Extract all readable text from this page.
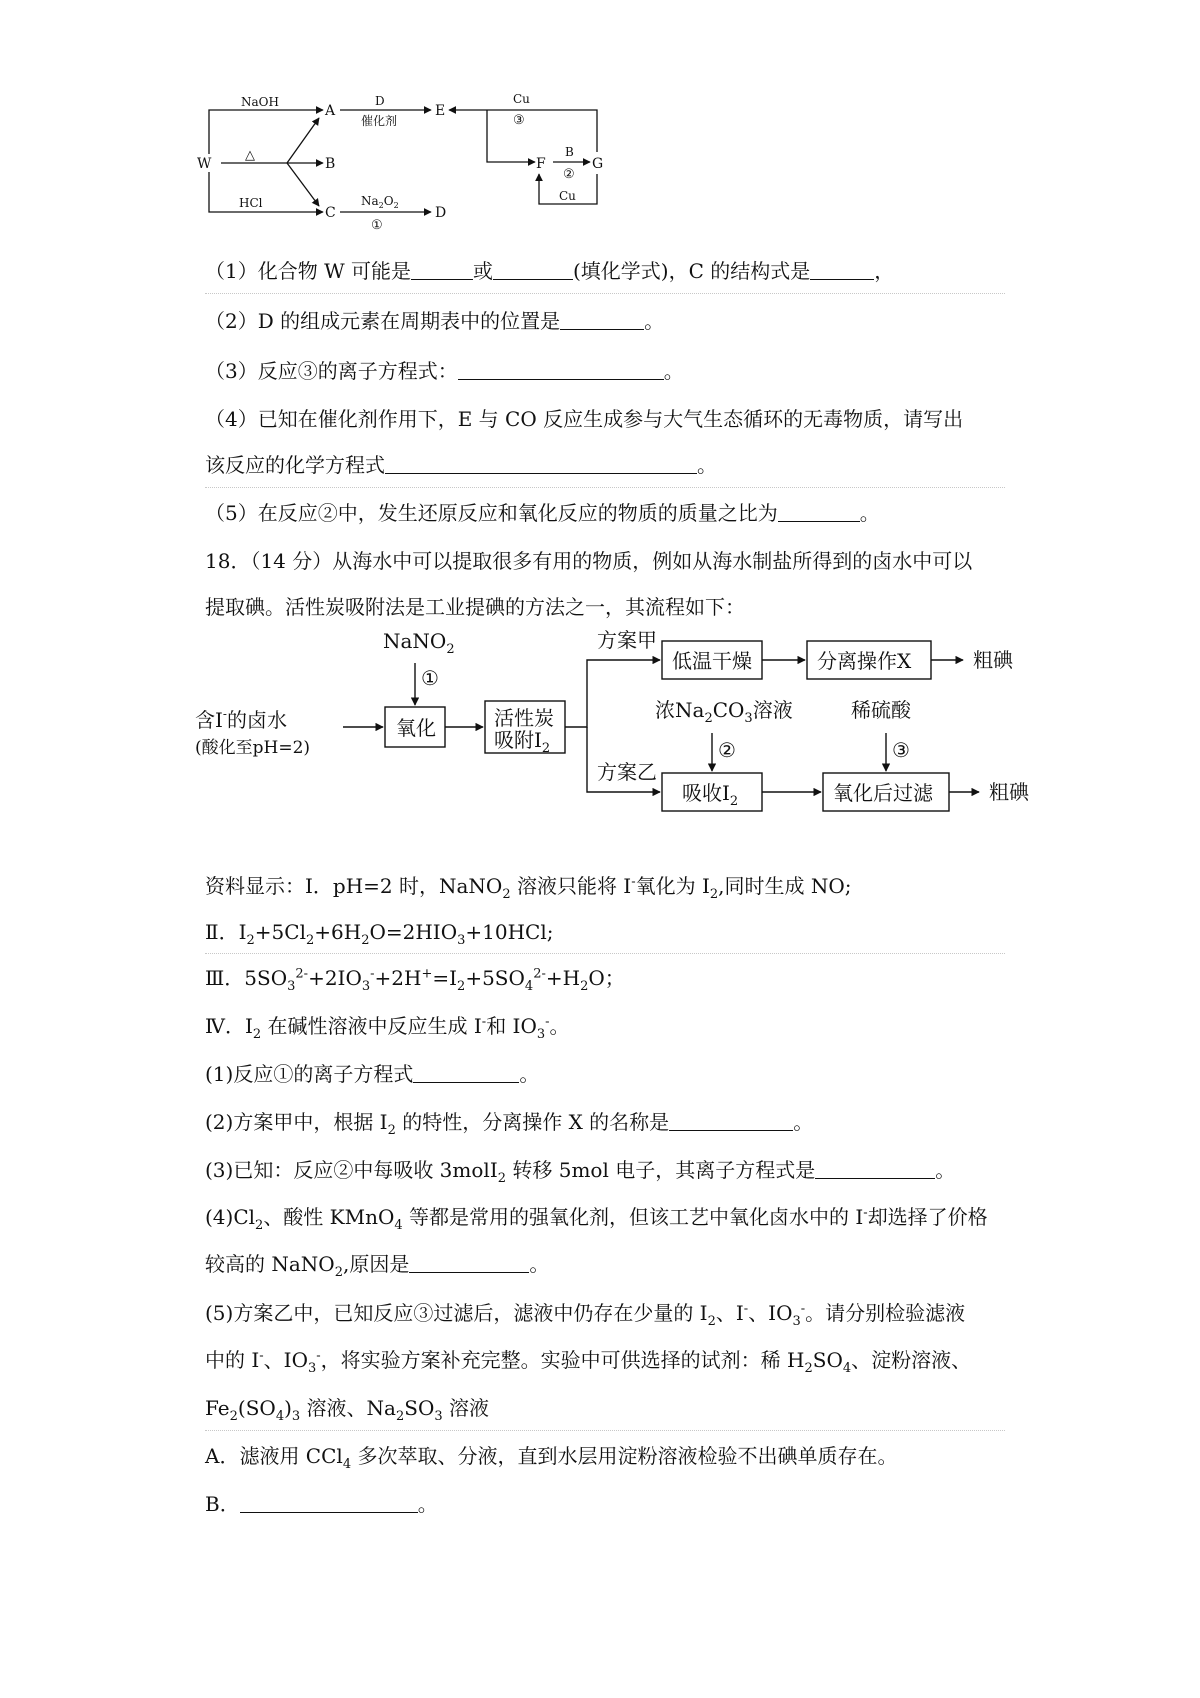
W
A
B
C
E
D
F	G
NaOH
△
HCl
D
催化剂
$Na_2O_2$
①
Cu
③
B
②
Cu
（1）化合物 W 可能是	或	(填化学式)，C 的结构式是	，
（2）D 的组成元素在周期表中的位置是	。
（3）反应③的离子方程式：	。
（4）已知在催化剂作用下，E 与 CO 反应生成参与大气生态循环的无毒物质，请写出
该反应的化学方程式	。
（5）在反应②中，发生还原反应和氧化反应的物质的质量之比为	。
18．（14 分）从海水中可以提取很多有用的物质，例如从海水制盐所得到的卤水中可以
提取碘。活性炭吸附法是工业提碘的方法之一，其流程如下：
NaNO$_2$
①
含I-的卤水
(酸化至pH=2)
氧化	活性炭
吸附$I_2$
方案甲
低温干燥	分离操作X	粗碘
浓$Na_2CO_3$溶液
②
稀硫酸
③
方案乙
吸收$I_2$	氧化后过滤	粗碘
资料显示：Ⅰ．pH=2 时，NaNO$_2$ 溶液只能将 I-氧化为 $I_2$,同时生成 NO;
Ⅱ．$I_2+5Cl_2+6H_2O=2HIO_3+10HCl$;
Ⅲ．$5SO_3^{2-}+2IO_3^-+2H^+=I_2+5SO_4^{2-}+H_2O$；
Ⅳ．$I_2$ 在碱性溶液中反应生成 I-和 $IO_3^-$。
(1)反应①的离子方程式	。
(2)方案甲中，根据 $I_2$ 的特性，分离操作 X 的名称是	。
(3)已知：反应②中每吸收 3molI$_2$ 转移 5mol 电子，其离子方程式是	。
$(4)Cl_2$、酸性 KMnO$_4$ 等都是常用的强氧化剂，但该工艺中氧化卤水中的 I-却选择了价格
较高的 NaNO$_2$,原因是	。
(5)方案乙中，已知反应③过滤后，滤液中仍存在少量的 $I_2$、I-、$IO_3^-$。请分别检验滤液
中的 I-、$IO_3^-$，将实验方案补充完整。实验中可供选择的试剂：稀 $H_2SO_4$、淀粉溶液、
$Fe_2(SO_4)_3$ 溶液、$Na_2SO_3$ 溶液
A．滤液用 CCl$_4$ 多次萃取、分液，直到水层用淀粉溶液检验不出碘单质存在。
B．	。
